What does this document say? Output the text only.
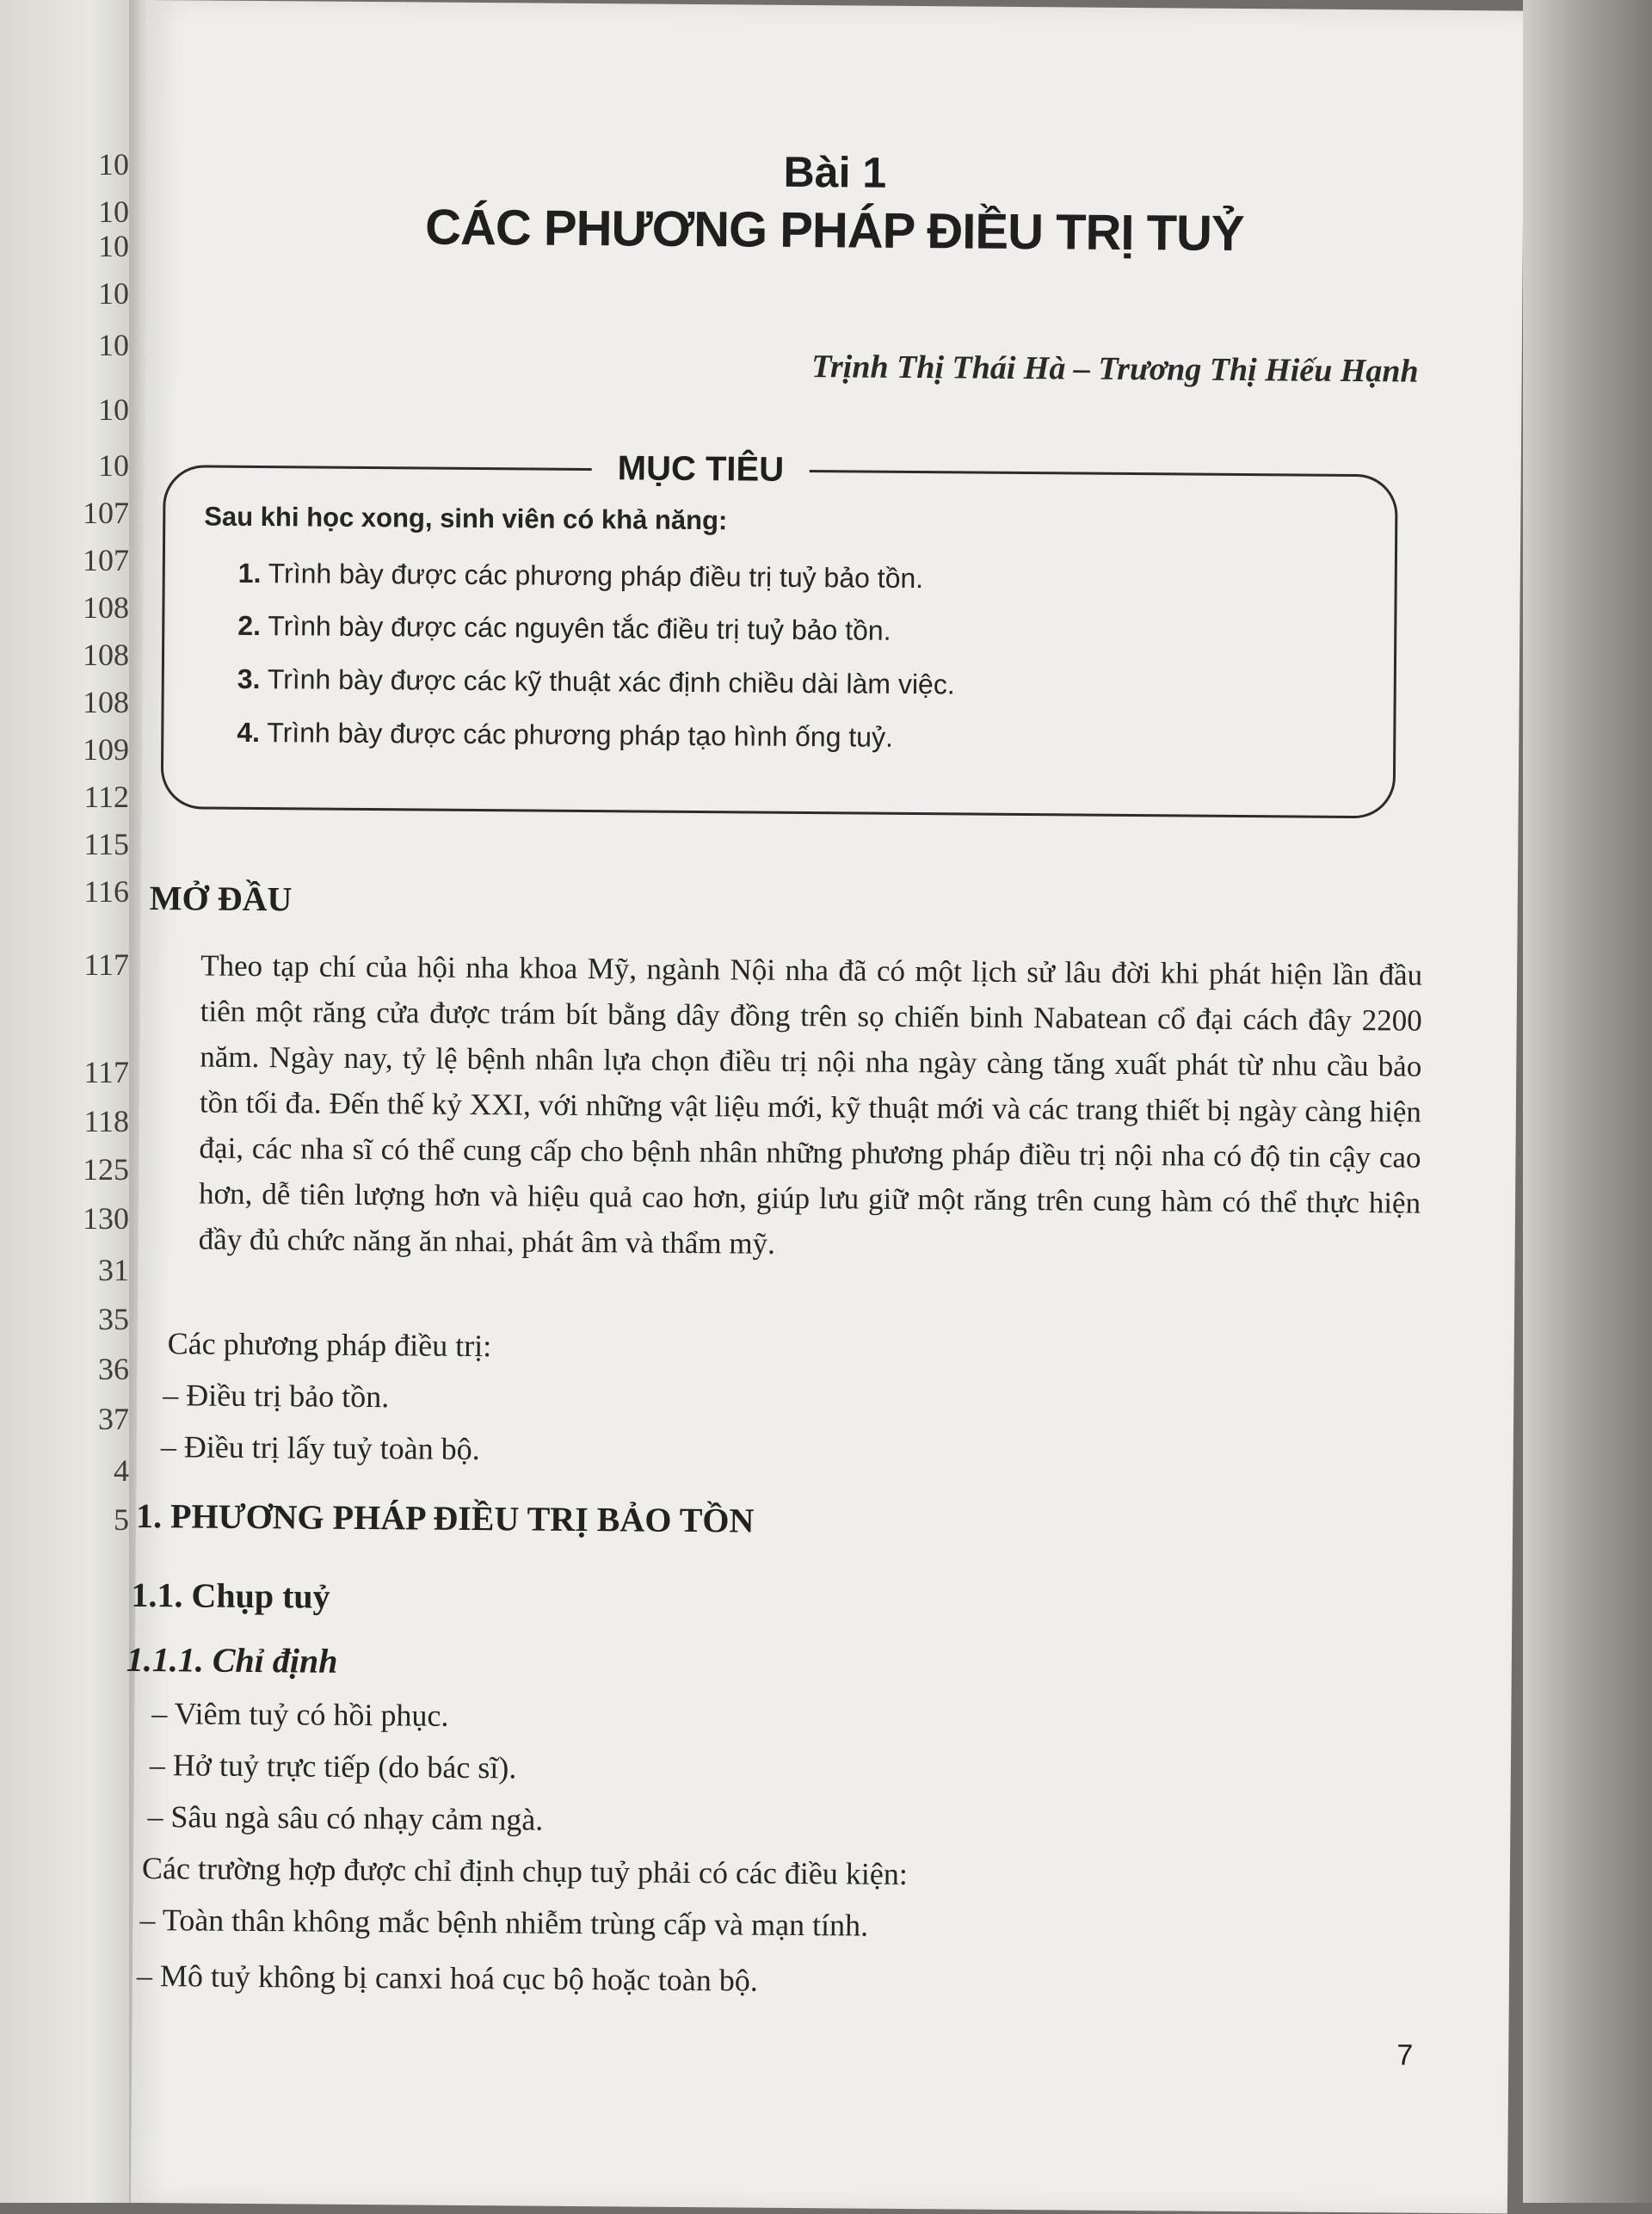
10
10
10
10
10
10
10
107
107
108
108
108
109
112
115
116
117
117
118
125
130
31
35
36
37
4
5
Bài 1
CÁC PHƯƠNG PHÁP ĐIỀU TRỊ TUỶ
Trịnh Thị Thái Hà – Trương Thị Hiếu Hạnh
MỤC TIÊU
Sau khi học xong, sinh viên có khả năng:
1. Trình bày được các phương pháp điều trị tuỷ bảo tồn.
2. Trình bày được các nguyên tắc điều trị tuỷ bảo tồn.
3. Trình bày được các kỹ thuật xác định chiều dài làm việc.
4. Trình bày được các phương pháp tạo hình ống tuỷ.
MỞ ĐẦU
Theo tạp chí của hội nha khoa Mỹ, ngành Nội nha đã có một lịch sử lâu đời khi phát hiện lần đầu tiên một răng cửa được trám bít bằng dây đồng trên sọ chiến binh Nabatean cổ đại cách đây 2200 năm. Ngày nay, tỷ lệ bệnh nhân lựa chọn điều trị nội nha ngày càng tăng xuất phát từ nhu cầu bảo tồn tối đa. Đến thế kỷ XXI, với những vật liệu mới, kỹ thuật mới và các trang thiết bị ngày càng hiện đại, các nha sĩ có thể cung cấp cho bệnh nhân những phương pháp điều trị nội nha có độ tin cậy cao hơn, dễ tiên lượng hơn và hiệu quả cao hơn, giúp lưu giữ một răng trên cung hàm có thể thực hiện đầy đủ chức năng ăn nhai, phát âm và thẩm mỹ.
Các phương pháp điều trị:
– Điều trị bảo tồn.
– Điều trị lấy tuỷ toàn bộ.
1. PHƯƠNG PHÁP ĐIỀU TRỊ BẢO TỒN
1.1. Chụp tuỷ
1.1.1. Chỉ định
– Viêm tuỷ có hồi phục.
– Hở tuỷ trực tiếp (do bác sĩ).
– Sâu ngà sâu có nhạy cảm ngà.
Các trường hợp được chỉ định chụp tuỷ phải có các điều kiện:
– Toàn thân không mắc bệnh nhiễm trùng cấp và mạn tính.
– Mô tuỷ không bị canxi hoá cục bộ hoặc toàn bộ.
7
